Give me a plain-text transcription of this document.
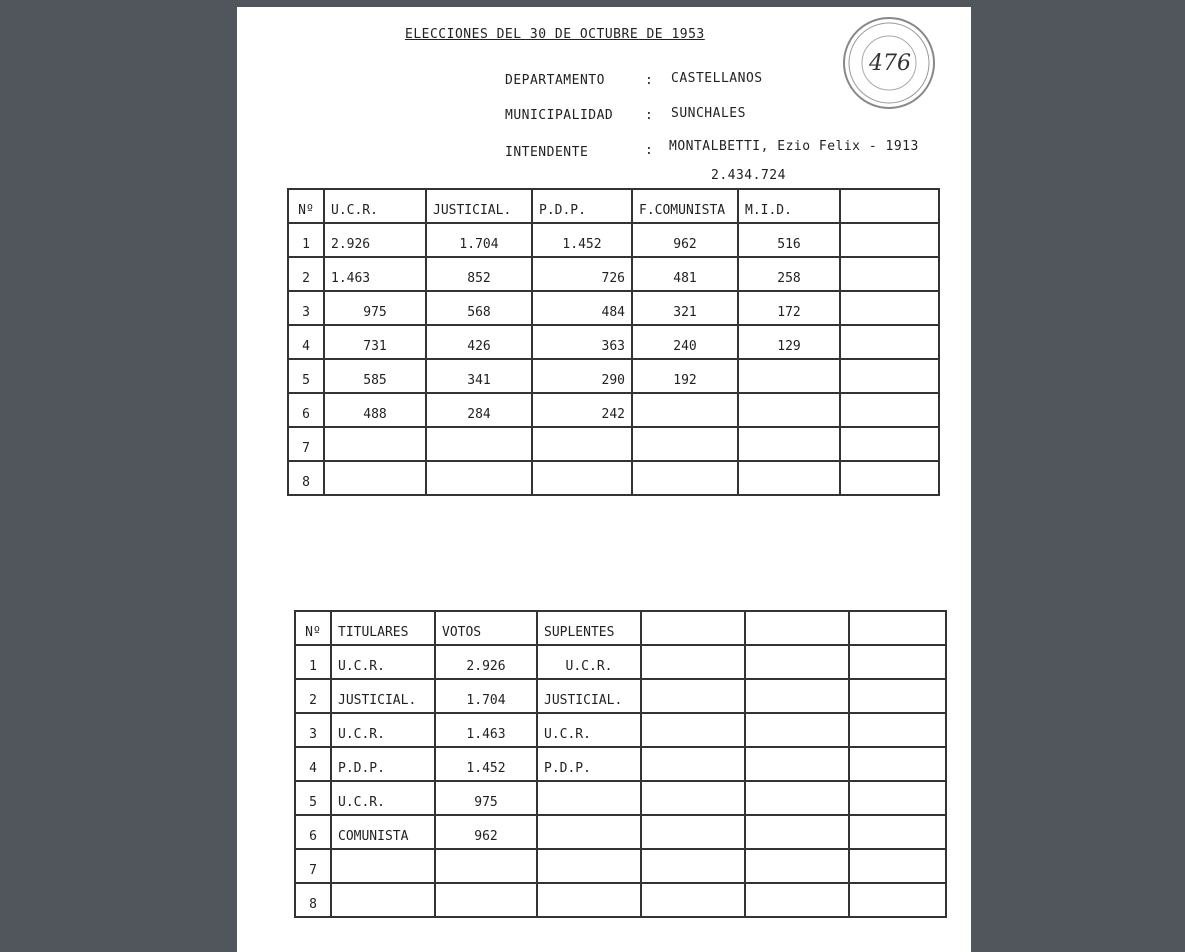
ELECCIONES DEL 30 DE OCTUBRE DE 1953
476
DEPARTAMENTO	: CASTELLANOS
MUNICIPALIDAD : SUNCHALES
INTENDENTE	: MONTALBETTI, Ezio Felix - 1913
2.434.724
Nº	U.C.R.	JUSTICIAL.	P.D.P.	F.COMUNISTA	M.I.D.	

1	2.926	1.704	1.452	962	516	

2	1.463	852	726	481	258	

3	975	568	484	321	172	

4	731	426	363	240	129	

5	585	341	290	192		

6	488	284	242			

7						

8						

Nº	TITULARES	VOTOS	SUPLENTES			

1	U.C.R.	2.926	U.C.R.			

2	JUSTICIAL.	1.704	JUSTICIAL.			

3	U.C.R.	1.463	U.C.R.			

4	P.D.P.	1.452	P.D.P.			

5	U.C.R.	975				

6	COMUNISTA	962				

7						

8						
